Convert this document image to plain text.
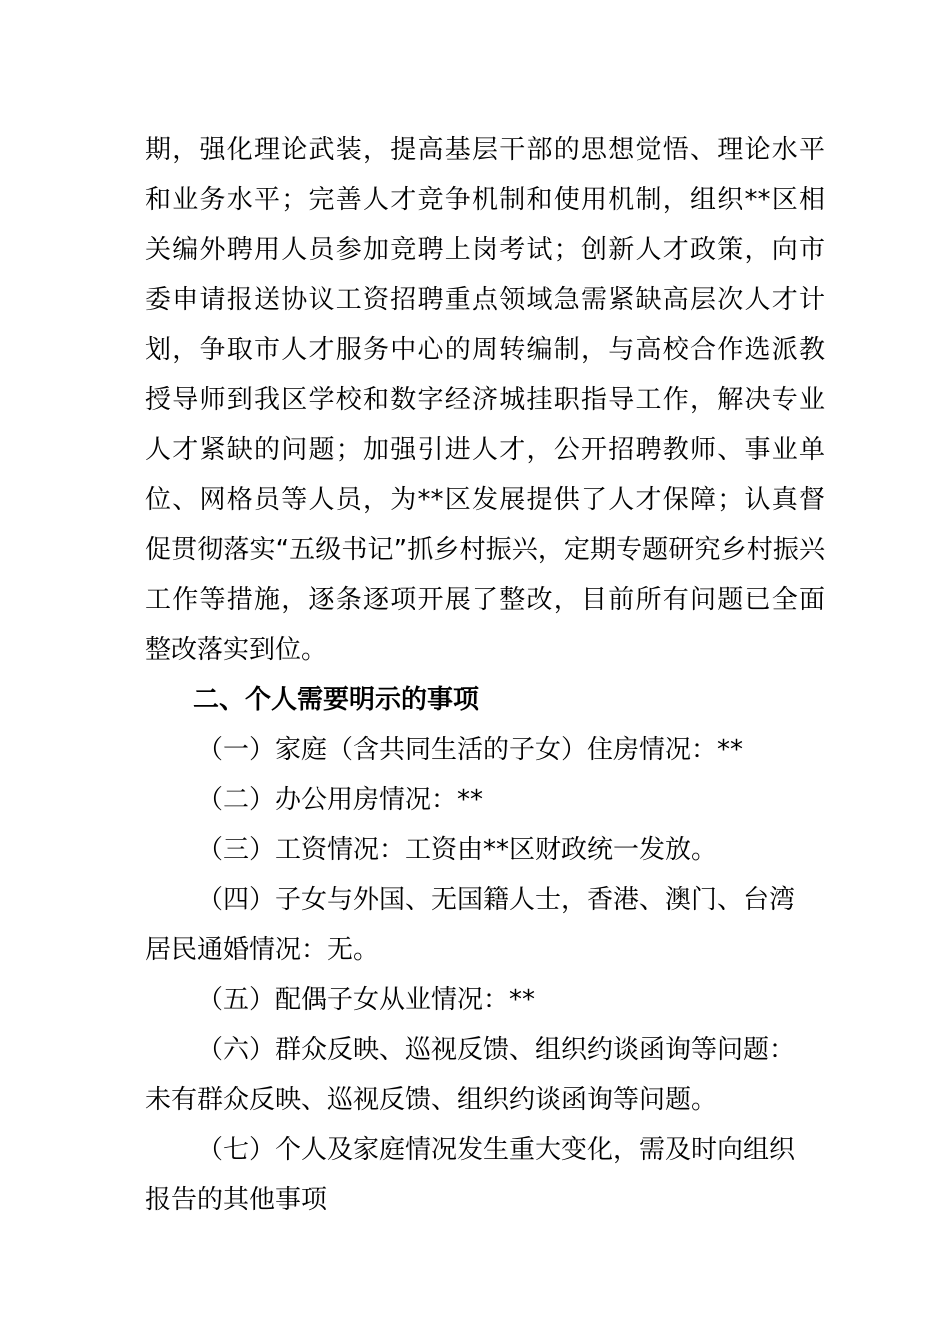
期，强化理论武装，提高基层干部的思想觉悟、理论水平
和业务水平；完善人才竞争机制和使用机制，组织**区相
关编外聘用人员参加竞聘上岗考试；创新人才政策，向市
委申请报送协议工资招聘重点领域急需紧缺高层次人才计
划，争取市人才服务中心的周转编制，与高校合作选派教
授导师到我区学校和数字经济城挂职指导工作，解决专业
人才紧缺的问题；加强引进人才，公开招聘教师、事业单
位、网格员等人员，为**区发展提供了人才保障；认真督
促贯彻落实“五级书记”抓乡村振兴，定期专题研究乡村振兴
工作等措施，逐条逐项开展了整改，目前所有问题已全面
整改落实到位。
二、个人需要明示的事项
（一）家庭（含共同生活的子女）住房情况：**
（二）办公用房情况：**
（三）工资情况：工资由**区财政统一发放。
（四）子女与外国、无国籍人士，香港、澳门、台湾
居民通婚情况：无。
（五）配偶子女从业情况：**
（六）群众反映、巡视反馈、组织约谈函询等问题：
未有群众反映、巡视反馈、组织约谈函询等问题。
（七）个人及家庭情况发生重大变化，需及时向组织
报告的其他事项
